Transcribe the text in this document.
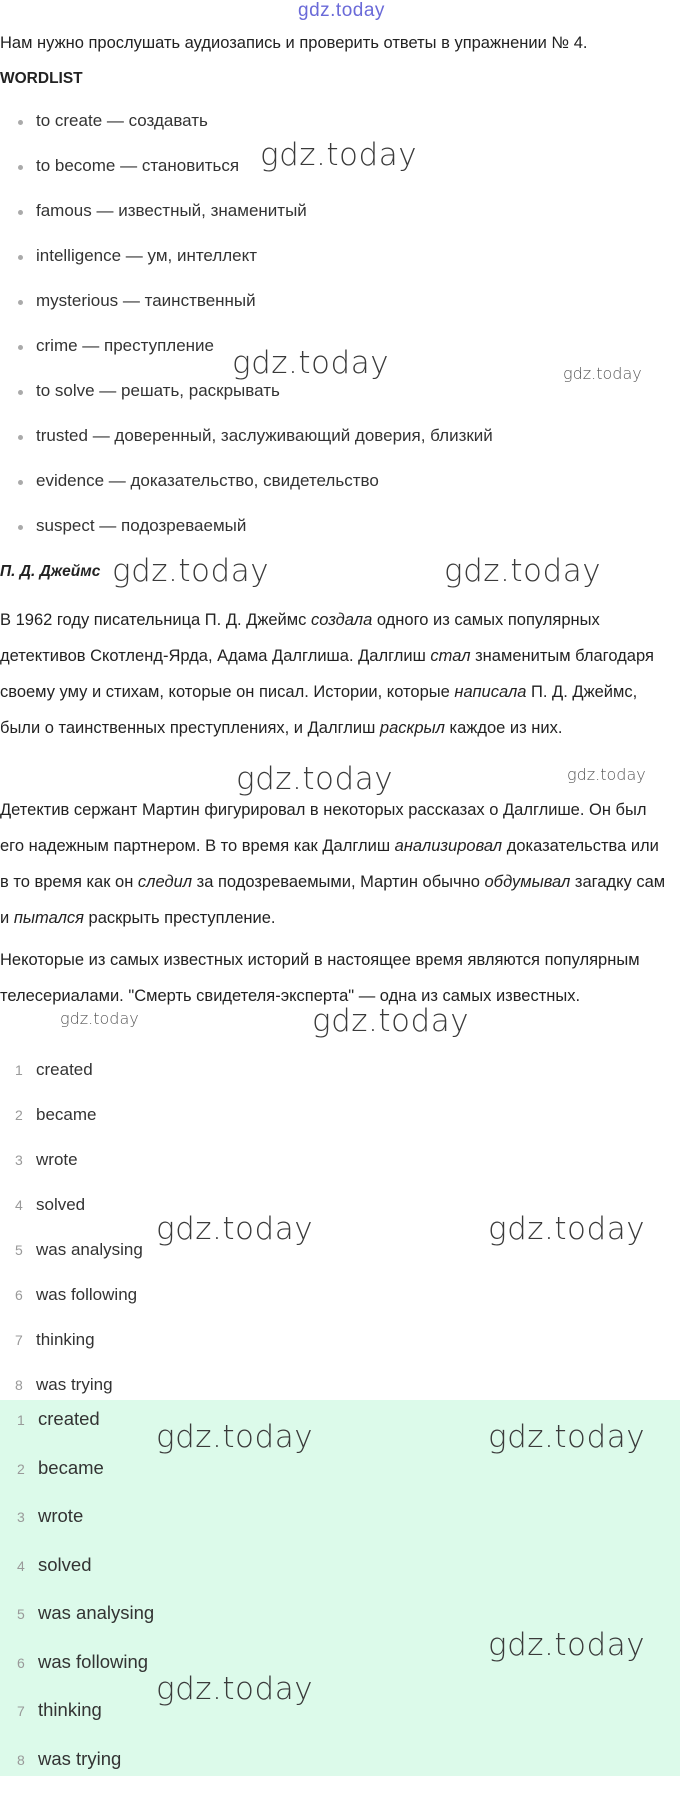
gdz.today
Нам нужно прослушать аудиозапись и проверить ответы в упражнении № 4.
WORDLIST
to create — создавать
to become — становиться
famous — известный, знаменитый
intelligence — ум, интеллект
mysterious — таинственный
crime — преступление
to solve — решать, раскрывать
trusted — доверенный, заслуживающий доверия, близкий
evidence — доказательство, свидетельство
suspect — подозреваемый
П. Д. Джеймс

В 1962 году писательница П. Д. Джеймс создала одного из самых популярных детективов Скотленд-Ярда, Адама Далглиша. Далглиш стал знаменитым благодаря своему уму и стихам, которые он писал. Истории, которые написала П. Д. Джеймс, были о таинственных преступлениях, и Далглиш раскрыл каждое из них.

Детектив сержант Мартин фигурировал в некоторых рассказах о Далглише. Он был его надежным партнером. В то время как Далглиш анализировал доказательства или в то время как он следил за подозреваемыми, Мартин обычно обдумывал загадку сам и пытался раскрыть преступление.

Некоторые из самых известных историй в настоящее время являются популярным телесериалами. "Смерть свидетеля-эксперта" — одна из самых известных.

1 created
2 became
3 wrote
4 solved
5 was analysing
6 was following
7 thinking
8 was trying
1 created
2 became
3 wrote
4 solved
5 was analysing
6 was following
7 thinking
8 was trying
gdz.today
gdz.today	gdz.today
gdz.today	gdz.today
gdz.today	gdz.today
gdz.today	gdz.today
gdz.today	gdz.today
gdz.today	gdz.today
gdz.today
gdz.today
